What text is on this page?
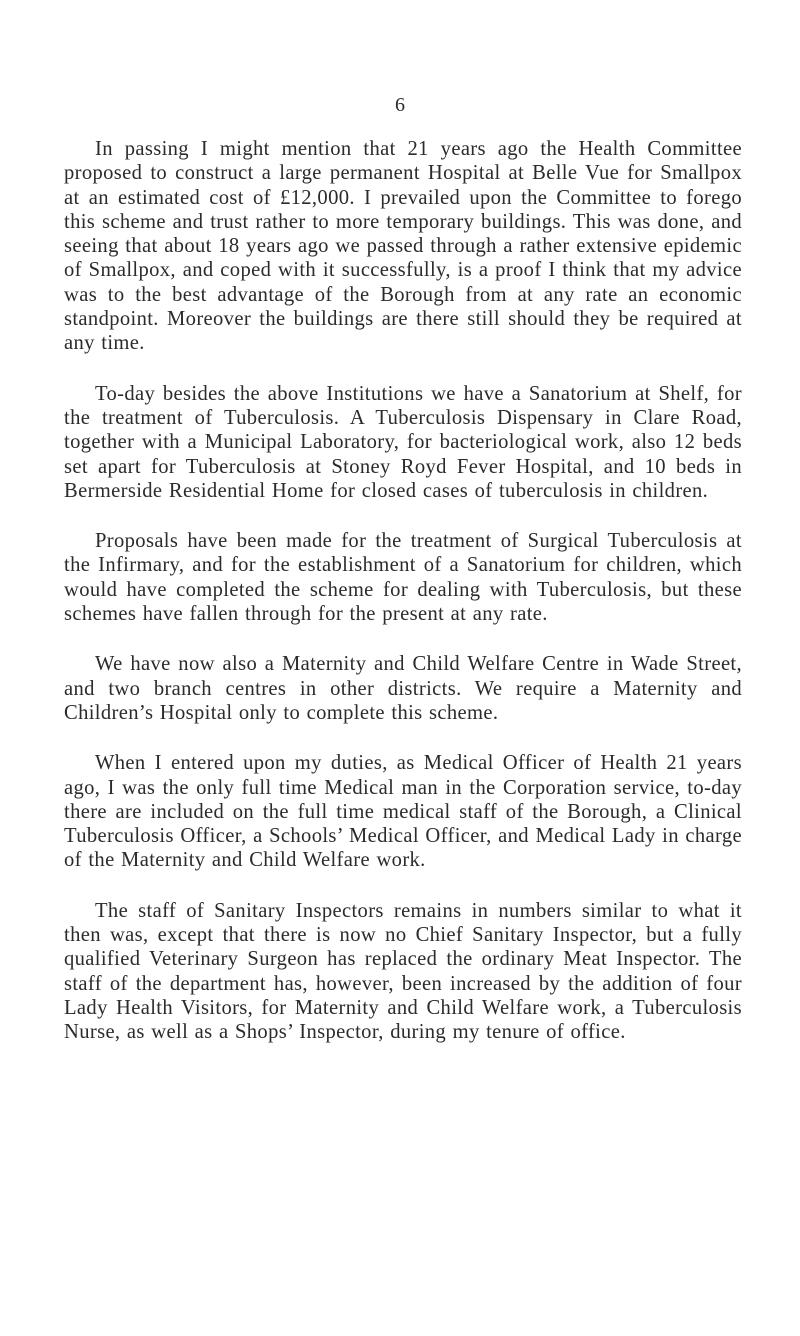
6

In passing I might mention that 21 years ago the Health Committee proposed to construct a large permanent Hospital at Belle Vue for Smallpox at an estimated cost of £12,000. I prevailed upon the Committee to forego this scheme and trust rather to more temporary buildings. This was done, and seeing that about 18 years ago we passed through a rather extensive epidemic of Smallpox, and coped with it successfully, is a proof I think that my advice was to the best advantage of the Borough from at any rate an economic standpoint. Moreover the buildings are there still should they be required at any time.

To-day besides the above Institutions we have a Sanatorium at Shelf, for the treatment of Tuberculosis. A Tuberculosis Dispensary in Clare Road, together with a Municipal Laboratory, for bacteriological work, also 12 beds set apart for Tuberculosis at Stoney Royd Fever Hospital, and 10 beds in Bermerside Residential Home for closed cases of tuberculosis in children.

Proposals have been made for the treatment of Surgical Tuberculosis at the Infirmary, and for the establishment of a Sanatorium for children, which would have completed the scheme for dealing with Tuberculosis, but these schemes have fallen through for the present at any rate.

We have now also a Maternity and Child Welfare Centre in Wade Street, and two branch centres in other districts. We require a Maternity and Children’s Hospital only to complete this scheme.

When I entered upon my duties, as Medical Officer of Health 21 years ago, I was the only full time Medical man in the Corporation service, to-day there are included on the full time medical staff of the Borough, a Clinical Tuberculosis Officer, a Schools’ Medical Officer, and Medical Lady in charge of the Maternity and Child Welfare work.

The staff of Sanitary Inspectors remains in numbers similar to what it then was, except that there is now no Chief Sanitary Inspector, but a fully qualified Veterinary Surgeon has replaced the ordinary Meat Inspector. The staff of the department has, however, been increased by the addition of four Lady Health Visitors, for Maternity and Child Welfare work, a Tuberculosis Nurse, as well as a Shops’ Inspector, during my tenure of office.
